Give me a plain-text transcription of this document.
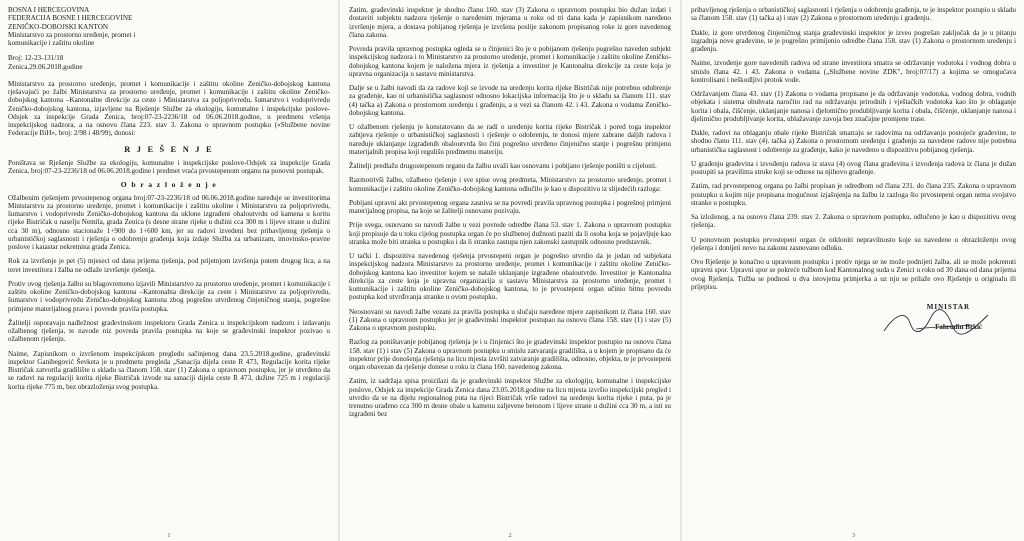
BOSNA I HERCEGOVINA
FEDERACIJA BOSNE I HERCEGOVINE
ZENIČKO-DOBOJSKI KANTON
Ministarstvo za prostorno uređenje, promet i
komunikacije i zaštitu okoline
Broj: 12-23-131/18
Zenica,29.06.2018.godine

Ministarstvo za prostorno uređenje, promet i komunikacije i zaštitu okoline Zeničko-dobojskog kantona rješavajući po žalbi Ministarstva za prostorno uređenje, promet i komunikacije i zaštitu okoline Zeničko-dobojskog kantona –Kantonalne direkcije za ceste i Ministarstva za poljoprivredu, šumarstvo i vodoprivredu Zeničko-dobojskog kantona, izjavljene na Rješenje Službe za ekologiju, komunalne i inspekcijske poslove-Odsjek za inspekcije Grada Zenica, broj:07-23-2236/18 od 06.06.2018.godine, u predmetu vršenja inspekcijskog nadzora, a na osnovu člana 223. stav 3. Zakona o upravnom postupku («Službene novine Federacije BiH», broj: 2/98 i 48/99), donosi:

R J E Š E N J E

Poništava se Rješenje Službe za ekologiju, komunalne i inspekcijske poslove-Odsjek za inspekcije Grada Zenica, broj:07-23-2236/18 od 06.06.2018.godine i predmet vraća prvostepenom organu na ponovni postupak.

O b r a z l o ž e n j e

Ožalbenim rješenjem prvostepenog organa broj:07-23-2236/18 od 06.06.2018.godine naređuje se investitorima Ministarstvu za prostorno uređenje, promet i komunikacije i zaštitu okoline i Ministarstvu za poljoprivredu, šumarstvo i vodoprivredu Zeničko-dobojskog kantona da uklone izgrađeni obaloutvrdu od kamena u koritu rijeke Bistričak u naselju Nemila, grada Zenica (s desne strane rijeke u dužini cca 300 m i lijeve strane u dužini cca 30 m), odnosno stacionaže 1+900 do 1+600 km, jer su radovi izvedeni bez pribavljenog rješenja o urbanističkoj saglasnosti i rješenja o odobrenju građenja koja izdaje Služba za urbanizam, imovinsko-pravne poslove i katastar nekretnina grada Zenica.

Rok za izvršenje je pet (5) mjeseci od dana prijema rješenja, pod prijetnjom izvršenja putem drugog lica, a na teret investitora i žalba ne odlaže izvršenje rješenja.

Protiv ovog rješenja žalbu su blagovremeno izjavili Ministarstvo za prostorno uređenje, promet i komunikacije i zaštitu okoline Zeničko-dobojskog kantona –Kantonalna direkcije za ceste i Ministarstvo za poljoprivredu, šumarstvo i vodoprivredu Zeničko-dobojskog kantona zbog pogrešno utvrđenog činjeničnog stanja, pogrešne primjene materijalnog prava i povrede pravila postupka.

Žalitelji osporavaju nadležnost građevinskom inspektoru Grada Zenica u inspekcijskom nadzoru i izdavanju ožalbenog rješenja, te navode niz povreda pravila postupka na koje se građevinski inspektor pozivao u ožalbenom rješenju.

Naime, Zapisnikom o izvršenom inspekcijskom pregledu sačinjenog dana 23.5.2018.godine, građevinski inspektor Ganibegović Ševketa je u predmetu pregleda „Sanacija dijela ceste R 473, Regulacije korita rijeke Bistričak zatvorila gradilište u skladu sa članom 158. stav (1) Zakona o upravnom postupku, jer je utvrđeno da se radovi na regulaciji korita rijeke Bistričak izvode na sanaciji dijela ceste R 473, dužine 725 m i regulaciji korita rijeke 775 m, bez obrazloženja svog postupka.

1

Zatim, građevinski inspektor je shodno članu 160. stav (3) Zakona o upravnom postupku bio dužan izdati i dostaviti subjektu nadzora rješenje o naređenim mjerama u roku od tri dana kada je zapisnikom naređeno izvršenje mjera, a dostava pobijanog rješenja je izvršena poslije zakonom propisanog roke iz gore navedenog člana zakona.

Povreda pravila upravnog postupka ogleda se u činjenici što je u pobijanom rješenju pogrešno naveden subjekt inspekcijskog nadzora i to Ministarstvo za prostorno uređenje, promet i komunikacije i zaštitu okoline Zeničko-dobojskog kantona kojem je naložena mjera iz rješenja a investitor je Kantonalna direkcije za ceste koja je upravna organizacija u sastavu ministarstva.

Dalje se u žalbi navodi da za radove koji se izvode na uređenju korita rijeke Bistričak nije potrebno odobrenje za građenje, kao ni urbanistička saglasnost odnosno lokacijska informacija što je u skladu sa članom 111. stav (4) tačka a) Zakona o prostornom uređenju i građenju, a u vezi sa članom 42. i 43. Zakona o vodama Zeničko-dobojskog kantona.

U ožalbenom rješenju je konstatovano da se radi o uređenju korita rijeke Bistričak i pored toga inspektor zahtjeva rješenje o urbanističkoj saglasnosti i rješenje o odobrenju, te donosi mjere zabrane daljih radova i naređuje uklanjanje izgrađenih obaloutvrda što čini pogrešno utvrđeno činjenično stanje i pogrešnu primjenu materijalnih propisa koji regulišu predmetnu materiju.

Žalitelji predlažu drugostepenom organu da žalbu uvaži kao osnovanu i pobijano rješenje poništi u cijelosti.

Razmotrivši žalbu, ožalbeno rješenje i sve spise ovog predmeta, Ministarstvo za prostorno uređenje, promet i komunikacije i zaštitu okoline Zeničko-dobojskog kantona odlučilo je kao u dispozitivu iz slijedećih razloga:

Pobijani upravni akt prvostepenog organa zasniva se na povredi pravila upravnog postupka i pogrešnoj primjeni materijalnog propisa, na koje se žalitelji osnovano pozivaju.

Prije svega, osnovano su navodi žalbe u vezi povrede odredbe člana 53. stav 1. Zakona o upravnom postupku koji propisuje da u toku cijelog postupka organ će po službenoj dužnosti paziti da li osoba koja se pojavljuje kao stranka može biti stranka u postupku i da li stranku zastupa njen zakonski zastupnik odnosno predstavnik.

U tački 1. dispozitiva navedenog rješenja prvostepeni organ je pogrešno utvrdio da je jedan od subjekata inspekcijskog nadzora Ministarstvo za prostorno uređenje, promet i komunikacije i zaštitu okoline Zeničko-dobojskog kantona kao investitor kojem se nalaže uklanjanje izgrađene obaloutvrde. Investitor je Kantonalna direkcija za ceste koja je upravna organizacija u sastavu Ministarstva za prostorno uređenje, promet i komunikacije i zaštitu okoline Zeničko-dobojskog kantona, to je prvostepeni organ učinio bitnu povredu postupka kod utvrđivanja stranke u ovom postupku.

Neosnovani su navodi žalbe vezani za pravila postupka u slučaju naređene mjere zapisnikom iz člana 160. stav (1) Zakona o upravnom postupku jer je građevinski inspektor postupao na osnovu člana 158. stav (1) i stav (5) Zakona o upravnom postupku.

Razlog za poništavanje pobijanog rješenja je i u činjenici što je građevinski inspektor postupio na osnovu člana 158. stav (1) i stav (5) Zakona o upravnom postupku u smislu zatvaranja gradilišta, a u kojem je propisano da će inspektor prije donošenja rješenja na licu mjesta izvršiti zatvaranje gradilišta, odnosno, objekta, te je prvostepeni organ obavezan da rješenje donese u roku iz člana 160. navedenog zakona.

Zatim, iz sadržaja spisa proizilazi da je građevinski inspektor Službe za ekologiju, komunalne i inspekcijske poslove, Odsjek za inspekcije Grada Zenica dana 23.05.2018.godine na licu mjesta izvršio inspekcijski pregled i utvrdio da se na dijelu regionalnog puta na rijeci Bistričak vrše radovi na uređenju korita rijeke i puta, pa je trenutno urađeno cca 300 m desne obale u kamenu zaljevene betonom i lijeve strane u dužini cca 30 m, a isti su izgrađeni bez

2

pribavljenog rješenja o urbanističkoj saglasnosti i rješenja o odobrenju građenja, te je inspektor postupio u skladu sa članom 158. stav (1) tačka a) i stav (2) Zakona o prostornom uređenju i građenju.

Dakle, iz gore utvrđenog činjeničnog stanja građevinski inspektor je izveo pogrešan zaključak da je u pitanju izgradnja nove građevine, te je pogrešno primijenio odredbe člana 158. stav (1) Zakona o prostornom uređenju i građenju.

Naime, izvođenje gore navedenih radova od strane investitora smatra se održavanje vodotoka i vodnog dobra u smislu člana 42. i 43. Zakona o vodama („Službene novine ZDK", broj:07/17) a kojima se omogućava kontrolisani i neškodljivi protok vode.

Održavanjem člana 43. stav (1) Zakona o vodama propisano je da održavanje vodotoka, vodnog dobra, vodnih objekata i sistema obuhvata naročito rad na održavanju prirodnih i vještačkih vodotoka kao što je oblaganje korita i obala, čišćenje, uklanjanje nanosa i djelomično produbljivanje korita i obala, čišćenje, uklanjanje nanosa i djelimično produbljivanje korita, ublažavanje zavoja bez značajne promjene trase.

Dakle, radovi na oblaganju obale rijeke Bistričak smatraju se radovima na održavanju postojeće građevine, te shodno članu 111. stav (4). tačka a) Zakona o prostornom uređenju i građenju za navedene radove nije potrebna urbanistička saglasnost i odobrenje za građenje, kako je navedeno u dispozitivu pobijanog rješenja.

U građenju građevina i izvođenju radova iz stava (4) ovog člana građevina i izvođenja radova iz člana je dužan postupiti sa pravilima struke koji se odnose na njihovo građenje.

Zatim, rad prvostepenog organa po žalbi propisan je odredbom od člana 231. do člana 235. Zakona o upravnom postupku u kojim nije propisana mogućnost izjašnjenja na žalbu iz razloga što prvostepeni organ nema svojstvo stranke u postupku.

Sa izloženog, a na osnovu člana 239. stav 2. Zakona o upravnom postupku, odlučeno je kao u dispozitivu ovog rješenja.

U ponovnom postupku prvostepeni organ će otkloniti nepravilnosto koje su navedene u obrazloženju ovog rješenja i donijeti novo na zakonu zasnovano odluku.

Ovo Rješenje je konačno u upravnom postupku i protiv njega se ne može podnijeti žalba, ali se može pokrenuti upravni spor. Upravni spor se pokreće tužbom kod Kantonalnog suda u Zenici u roku od 30 dana od dana prijema ovog Rješenja. Tužba se podnosi u dva istovjetna primjerka a uz nju se prilaže ovo Rješenje u originalu ili prijepisu.

MINISTAR
Fahrudin Brkić
3
